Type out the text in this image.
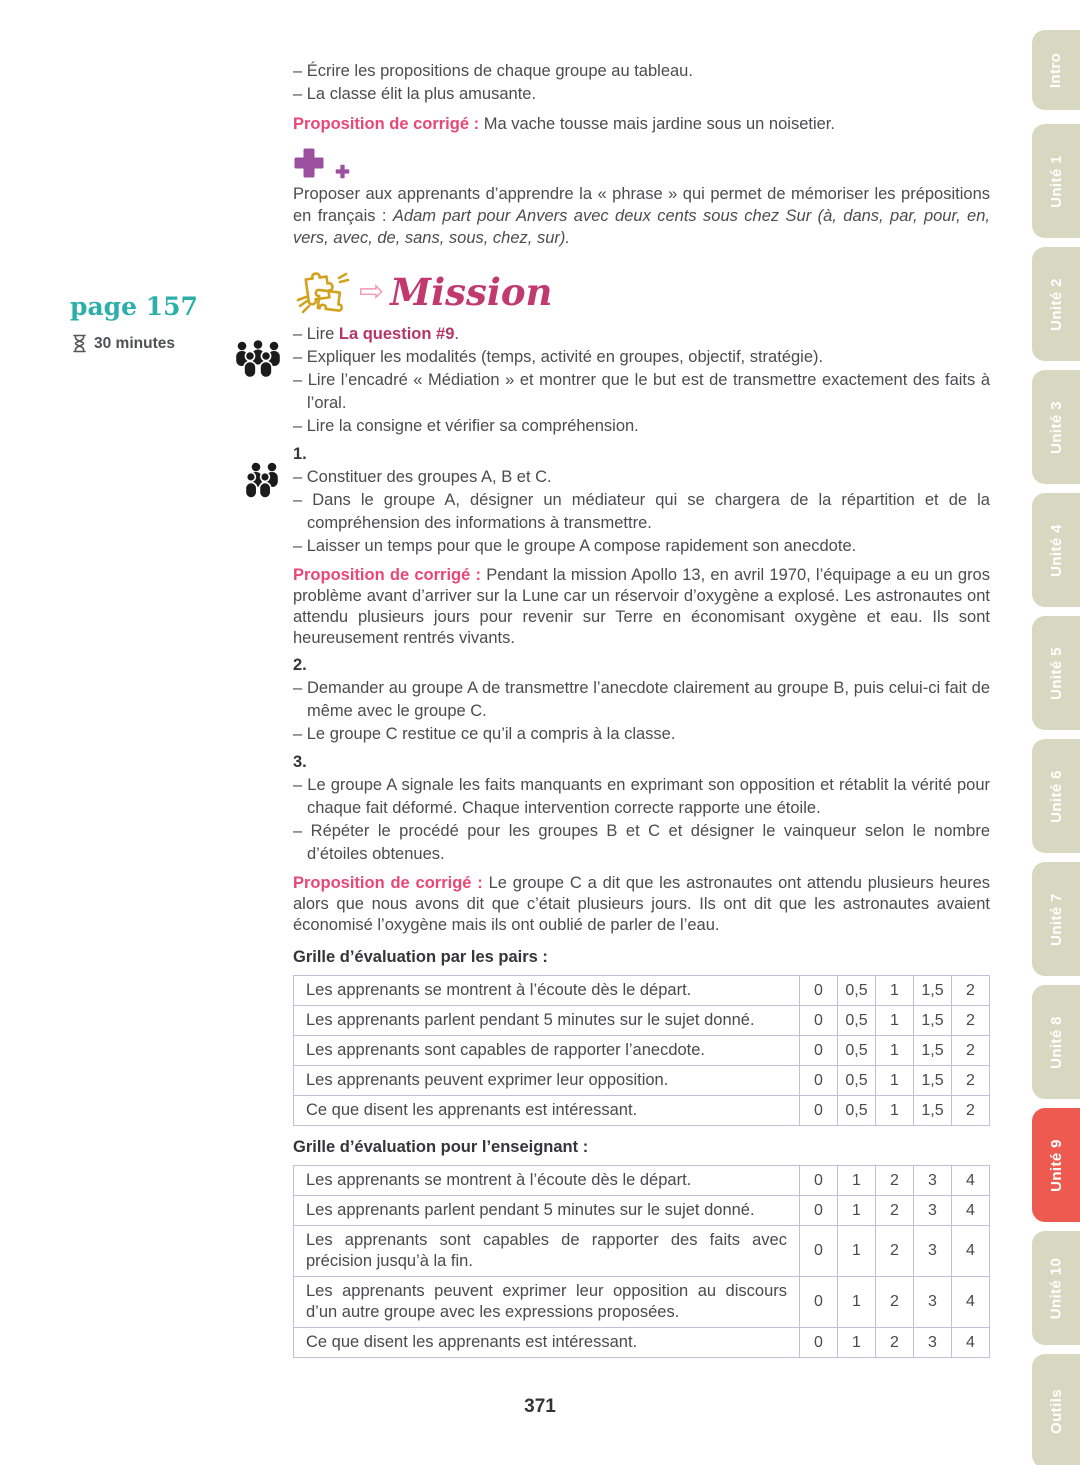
Intro
Unité 1
Unité 2
Unité 3
Unité 4
Unité 5
Unité 6
Unité 7
Unité 8
Unité 9
Unité 10
Outils
page 157
30 minutes

– Écrire les propositions de chaque groupe au tableau.

– La classe élit la plus amusante.

Proposition de corrigé : Ma vache tousse mais jardine sous un noisetier.

Proposer aux apprenants d’apprendre la « phrase » qui permet de mémoriser les prépositions en français : Adam part pour Anvers avec deux cents sous chez Sur (à, dans, par, pour, en, vers, avec, de, sans, sous, chez, sur).

⇨ Mission

– Lire La question #9.

– Expliquer les modalités (temps, activité en groupes, objectif, stratégie).

– Lire l’encadré « Médiation » et montrer que le but est de transmettre exactement des faits à l’oral.

– Lire la consigne et vérifier sa compréhension.

1.

– Constituer des groupes A, B et C.

– Dans le groupe A, désigner un médiateur qui se chargera de la répartition et de la compréhension des informations à transmettre.

– Laisser un temps pour que le groupe A compose rapidement son anecdote.

Proposition de corrigé : Pendant la mission Apollo 13, en avril 1970, l’équipage a eu un gros problème avant d’arriver sur la Lune car un réservoir d’oxygène a explosé. Les astronautes ont attendu plusieurs jours pour revenir sur Terre en économisant oxygène et eau. Ils sont heureusement rentrés vivants.

2.

– Demander au groupe A de transmettre l’anecdote clairement au groupe B, puis celui-ci fait de même avec le groupe C.

– Le groupe C restitue ce qu’il a compris à la classe.

3.

– Le groupe A signale les faits manquants en exprimant son opposition et rétablit la vérité pour chaque fait déformé. Chaque intervention correcte rapporte une étoile.

– Répéter le procédé pour les groupes B et C et désigner le vainqueur selon le nombre d’étoiles obtenues.

Proposition de corrigé : Le groupe C a dit que les astronautes ont attendu plusieurs heures alors que nous avons dit que c’était plusieurs jours. Ils ont dit que les astronautes avaient économisé l’oxygène mais ils ont oublié de parler de l’eau.

Grille d’évaluation par les pairs :

Les apprenants se montrent à l’écoute dès le départ.	0	0,5	1	1,5	2
Les apprenants parlent pendant 5 minutes sur le sujet donné.	0	0,5	1	1,5	2
Les apprenants sont capables de rapporter l’anecdote.	0	0,5	1	1,5	2
Les apprenants peuvent exprimer leur opposition.	0	0,5	1	1,5	2
Ce que disent les apprenants est intéressant.	0	0,5	1	1,5	2

Grille d’évaluation pour l’enseignant :

Les apprenants se montrent à l’écoute dès le départ.	0	1	2	3	4
Les apprenants parlent pendant 5 minutes sur le sujet donné.	0	1	2	3	4
Les apprenants sont capables de rapporter des faits avec précision jusqu’à la fin.	0	1	2	3	4
Les apprenants peuvent exprimer leur opposition au discours d’un autre groupe avec les expressions proposées.	0	1	2	3	4
Ce que disent les apprenants est intéressant.	0	1	2	3	4
371
